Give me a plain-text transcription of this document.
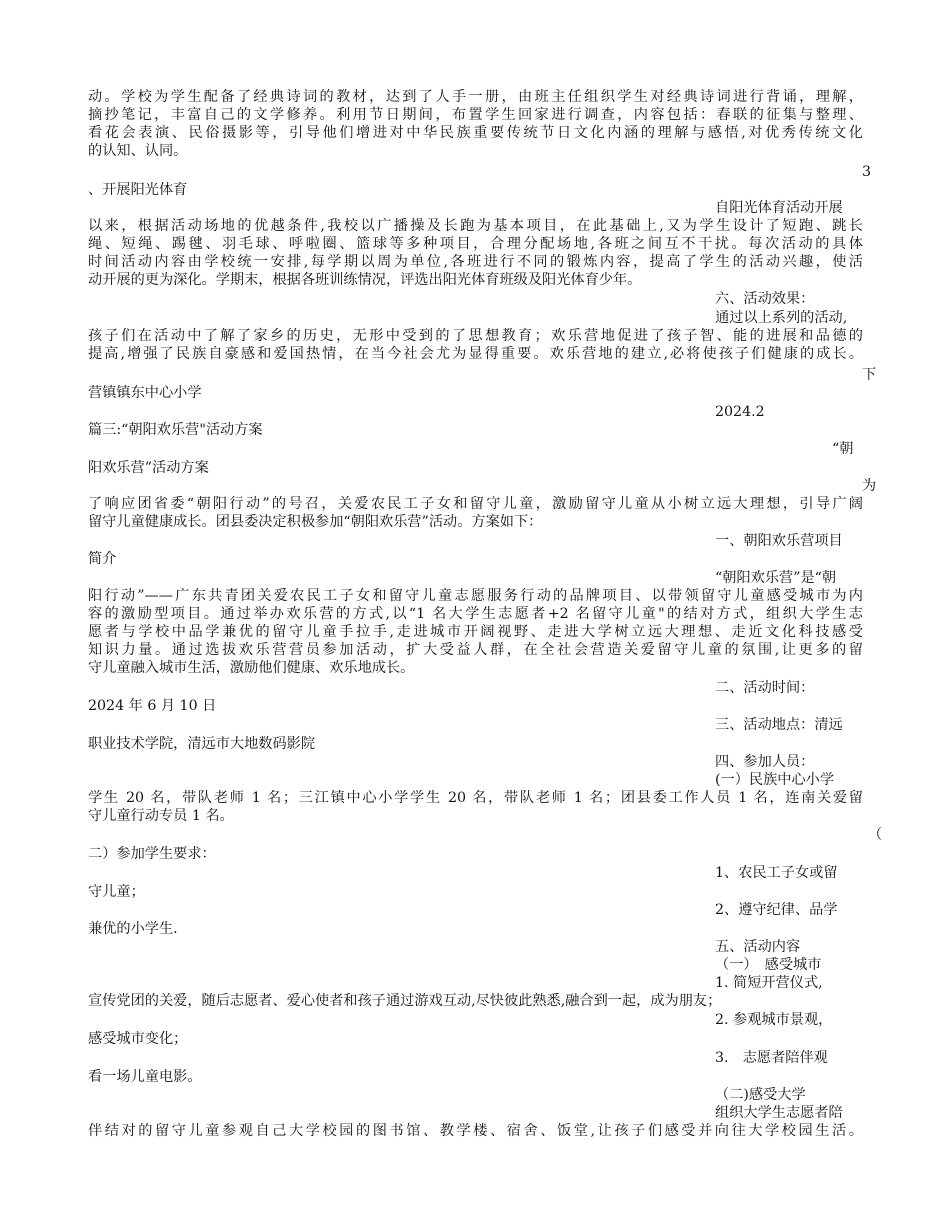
动。学校为学生配备了经典诗词的教材，达到了人手一册，由班主任组织学生对经典诗词进行背诵，理解，

摘抄笔记，丰富自己的文学修养。利用节日期间，布置学生回家进行调查，内容包括：春联的征集与整理、

看花会表演、民俗摄影等，引导他们增进对中华民族重要传统节日文化内涵的理解与感悟,对优秀传统文化

的认知、认同。

3

、开展阳光体育

自阳光体育活动开展

以来，根据活动场地的优越条件,我校以广播操及长跑为基本项目，在此基础上,又为学生设计了短跑、跳长

绳、短绳、踢毽、羽毛球、呼啦圈、篮球等多种项目，合理分配场地,各班之间互不干扰。每次活动的具体

时间活动内容由学校统一安排,每学期以周为单位,各班进行不同的锻炼内容，提高了学生的活动兴趣，使活

动开展的更为深化。学期末，根据各班训练情况，评选出阳光体育班级及阳光体育少年。

六、活动效果：

通过以上系列的活动,

孩子们在活动中了解了家乡的历史，无形中受到的了思想教育；欢乐营地促进了孩子智、能的进展和品德的

提高,增强了民族自豪感和爱国热情，在当今社会尤为显得重要。欢乐营地的建立,必将使孩子们健康的成长。

下

营镇镇东中心小学

2024.2

篇三:“朝阳欢乐营"活动方案

“朝

阳欢乐营”活动方案

为

了响应团省委“朝阳行动”的号召，关爱农民工子女和留守儿童，激励留守儿童从小树立远大理想，引导广阔

留守儿童健康成长。团县委决定积极参加“朝阳欢乐营”活动。方案如下：

一、朝阳欢乐营项目

简介

“朝阳欢乐营”是“朝

阳行动”——广东共青团关爱农民工子女和留守儿童志愿服务行动的品牌项目、以带领留守儿童感受城市为内

容的激励型项目。通过举办欢乐营的方式,以“1 名大学生志愿者+2 名留守儿童"的结对方式，组织大学生志

愿者与学校中品学兼优的留守儿童手拉手,走进城市开阔视野、走进大学树立远大理想、走近文化科技感受

知识力量。通过选拔欢乐营营员参加活动，扩大受益人群，在全社会营造关爱留守儿童的氛围,让更多的留

守儿童融入城市生活，激励他们健康、欢乐地成长。

二、活动时间：

2024 年 6 月 10 日

三、活动地点：清远

职业技术学院，清远市大地数码影院

四、参加人员：

(一）民族中心小学

学生 20 名，带队老师 1 名；三江镇中心小学学生 20 名，带队老师 1 名；团县委工作人员 1 名，连南关爱留

守儿童行动专员 1 名。

（

二）参加学生要求：

1、农民工子女或留

守儿童；

2、遵守纪律、品学

兼优的小学生.

五、活动内容

（一）　感受城市

1. 简短开营仪式,

宣传党团的关爱，随后志愿者、爱心使者和孩子通过游戏互动,尽快彼此熟悉,融合到一起，成为朋友；

2. 参观城市景观，

感受城市变化；

3.　志愿者陪伴观

看一场儿童电影。

（二)感受大学

组织大学生志愿者陪

伴结对的留守儿童参观自己大学校园的图书馆、教学楼、宿舍、饭堂,让孩子们感受并向往大学校园生活。
